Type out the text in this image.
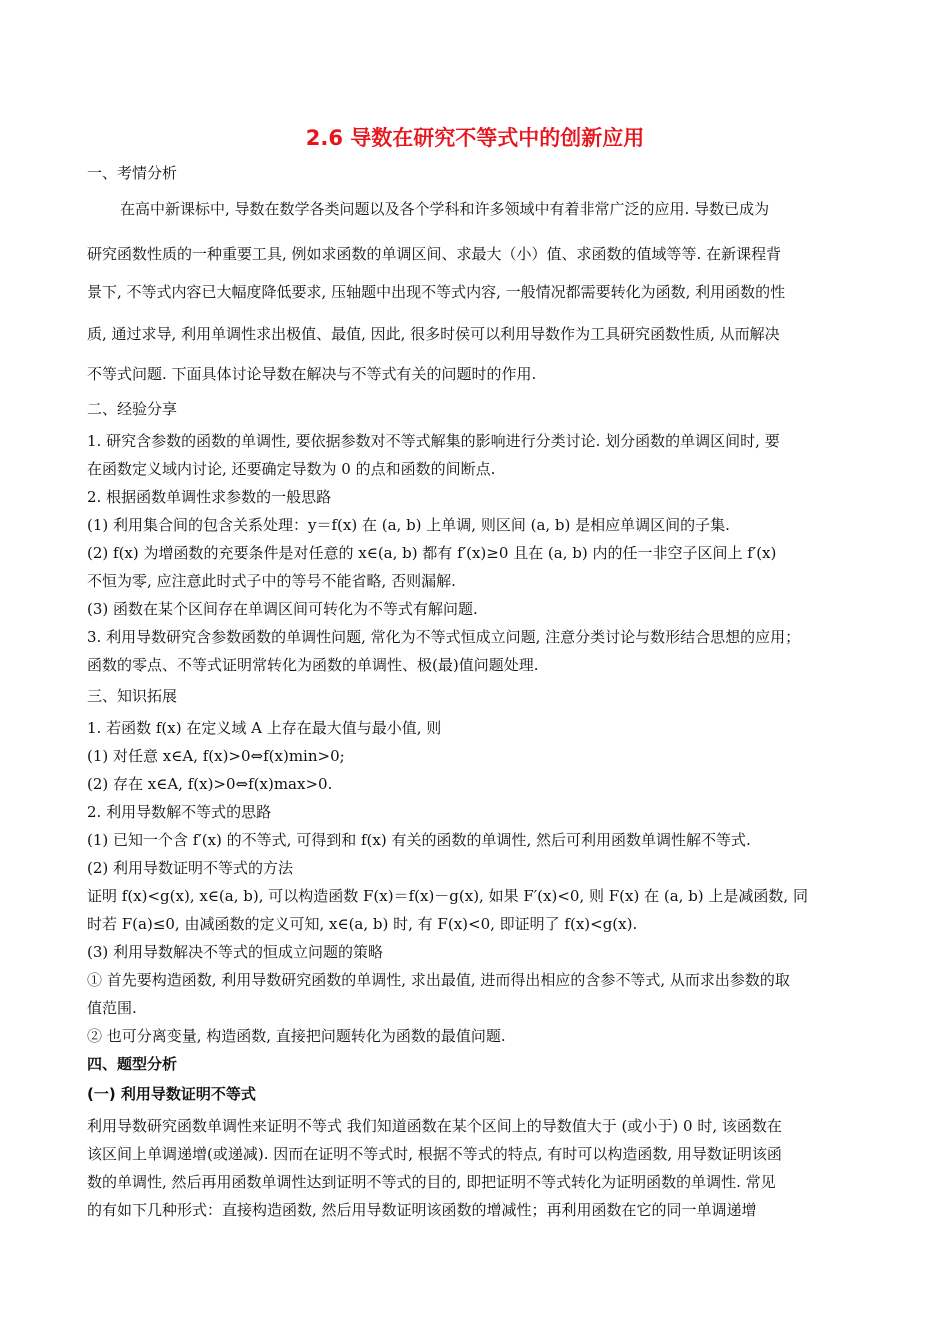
2.6 导数在研究不等式中的创新应用
一、考情分析
在高中新课标中, 导数在数学各类问题以及各个学科和许多领域中有着非常广泛的应用. 导数已成为
研究函数性质的一种重要工具, 例如求函数的单调区间、求最大（小）值、求函数的值域等等. 在新课程背
景下, 不等式内容已大幅度降低要求, 压轴题中出现不等式内容, 一般情况都需要转化为函数, 利用函数的性
质, 通过求导, 利用单调性求出极值、最值, 因此, 很多时侯可以利用导数作为工具研究函数性质, 从而解决
不等式问题. 下面具体讨论导数在解决与不等式有关的问题时的作用.
二、经验分享
1. 研究含参数的函数的单调性, 要依据参数对不等式解集的影响进行分类讨论. 划分函数的单调区间时, 要
在函数定义域内讨论, 还要确定导数为 0 的点和函数的间断点.
2. 根据函数单调性求参数的一般思路
(1) 利用集合间的包含关系处理：y＝f(x) 在 (a, b) 上单调, 则区间 (a, b) 是相应单调区间的子集.
(2) f(x) 为增函数的充要条件是对任意的 x∈(a, b) 都有 f′(x)≥0 且在 (a, b) 内的任一非空子区间上 f′(x)
不恒为零, 应注意此时式子中的等号不能省略, 否则漏解.
(3) 函数在某个区间存在单调区间可转化为不等式有解问题.
3. 利用导数研究含参数函数的单调性问题, 常化为不等式恒成立问题, 注意分类讨论与数形结合思想的应用；
函数的零点、不等式证明常转化为函数的单调性、极(最)值问题处理.
三、知识拓展
1. 若函数 f(x) 在定义域 A 上存在最大值与最小值, 则
(1) 对任意 x∈A, f(x)>0⇔f(x)min>0;
(2) 存在 x∈A, f(x)>0⇔f(x)max>0.
2. 利用导数解不等式的思路
(1) 已知一个含 f′(x) 的不等式, 可得到和 f(x) 有关的函数的单调性, 然后可利用函数单调性解不等式.
(2) 利用导数证明不等式的方法
证明 f(x)<g(x), x∈(a, b), 可以构造函数 F(x)＝f(x)－g(x), 如果 F′(x)<0, 则 F(x) 在 (a, b) 上是减函数, 同
时若 F(a)≤0, 由减函数的定义可知, x∈(a, b) 时, 有 F(x)<0, 即证明了 f(x)<g(x).
(3) 利用导数解决不等式的恒成立问题的策略
① 首先要构造函数, 利用导数研究函数的单调性, 求出最值, 进而得出相应的含参不等式, 从而求出参数的取
值范围.
② 也可分离变量, 构造函数, 直接把问题转化为函数的最值问题.
四、题型分析
(一) 利用导数证明不等式
利用导数研究函数单调性来证明不等式 我们知道函数在某个区间上的导数值大于 (或小于) 0 时, 该函数在
该区间上单调递增(或递减). 因而在证明不等式时, 根据不等式的特点, 有时可以构造函数, 用导数证明该函
数的单调性, 然后再用函数单调性达到证明不等式的目的, 即把证明不等式转化为证明函数的单调性. 常见
的有如下几种形式：直接构造函数, 然后用导数证明该函数的增减性；再利用函数在它的同一单调递增
